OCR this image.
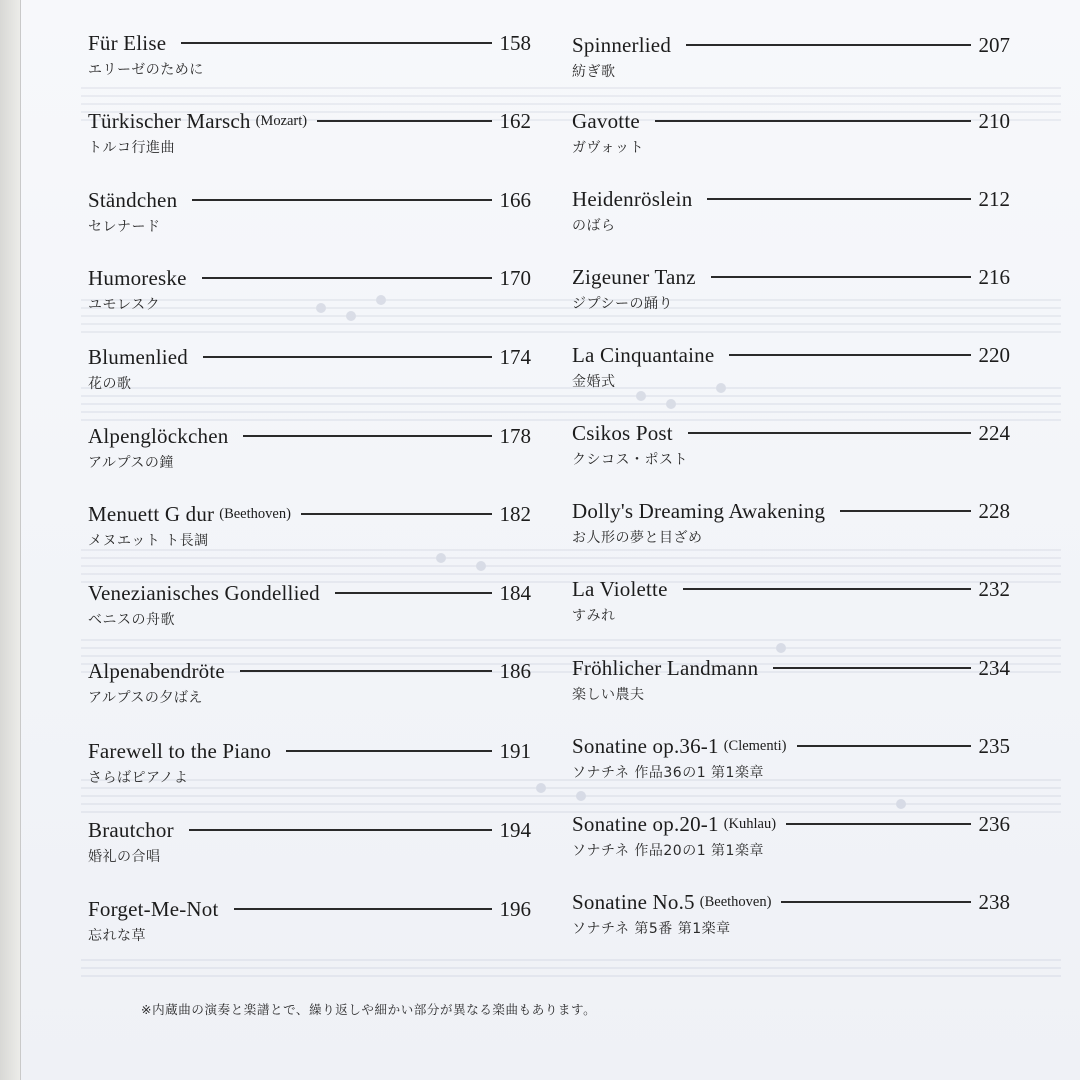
Für Elise	158
エリーゼのために
Türkischer Marsch (Mozart)	162
トルコ行進曲
Ständchen	166
セレナード
Humoreske	170
ユモレスク
Blumenlied	174
花の歌
Alpenglöckchen	178
アルプスの鐘
Menuett G dur (Beethoven)	182
メヌエット ト長調
Venezianisches Gondellied	184
ベニスの舟歌
Alpenabendröte	186
アルプスの夕ばえ
Farewell to the Piano	191
さらばピアノよ
Brautchor	194
婚礼の合唱
Forget-Me-Not	196
忘れな草
Spinnerlied	207
紡ぎ歌
Gavotte	210
ガヴォット
Heidenröslein	212
のばら
Zigeuner Tanz	216
ジプシーの踊り
La Cinquantaine	220
金婚式
Csikos Post	224
クシコス・ポスト
Dolly's Dreaming Awakening	228
お人形の夢と目ざめ
La Violette	232
すみれ
Fröhlicher Landmann	234
楽しい農夫
Sonatine op.36-1 (Clementi)	235
ソナチネ 作品36の1 第1楽章
Sonatine op.20-1 (Kuhlau)	236
ソナチネ 作品20の1 第1楽章
Sonatine No.5 (Beethoven)	238
ソナチネ 第5番 第1楽章
※内蔵曲の演奏と楽譜とで、繰り返しや細かい部分が異なる楽曲もあります。
